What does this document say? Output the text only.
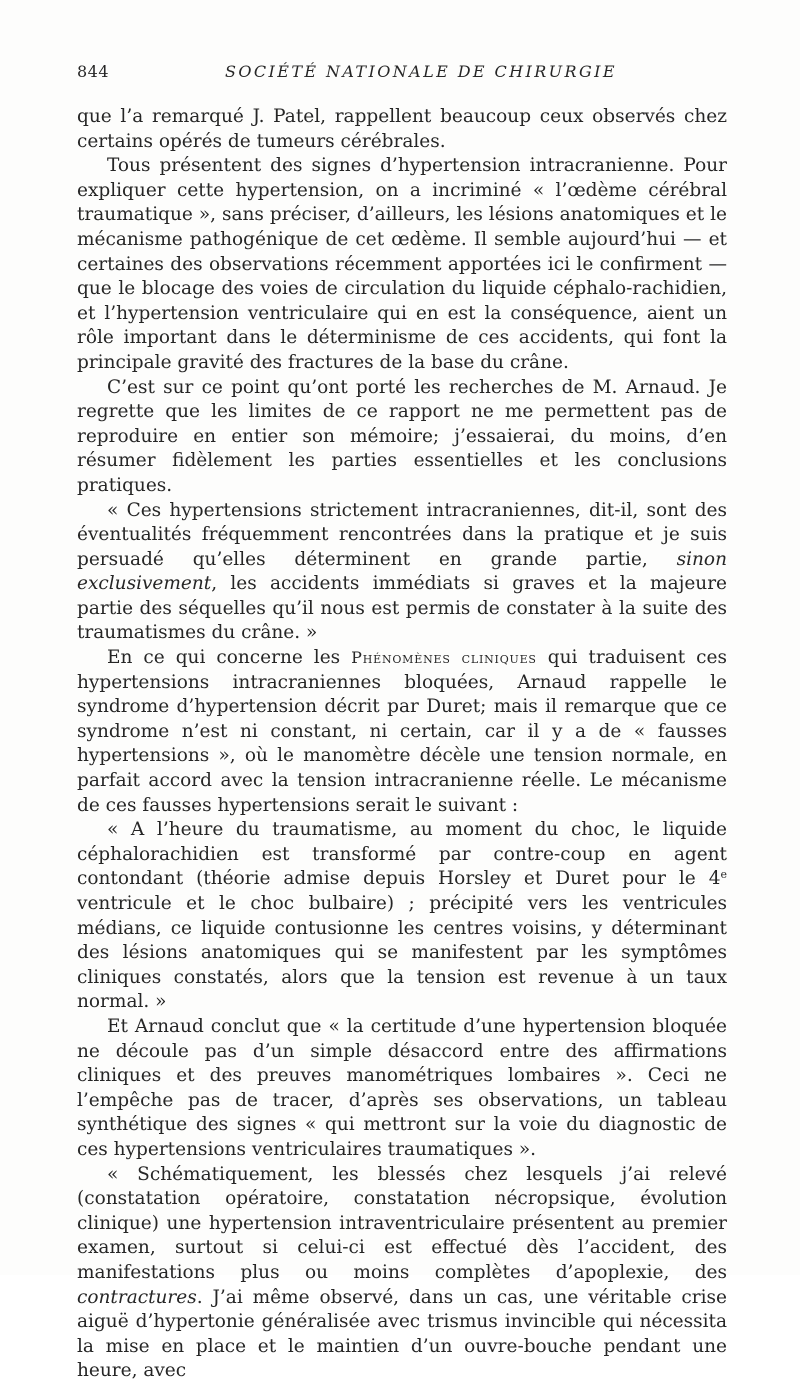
844	SOCIÉTÉ NATIONALE DE CHIRURGIE

que l’a remarqué J. Patel, rappellent beaucoup ceux observés chez certains opérés de tumeurs cérébrales.

Tous présentent des signes d’hypertension intracranienne. Pour expliquer cette hypertension, on a incriminé « l’œdème cérébral traumatique », sans préciser, d’ailleurs, les lésions anatomiques et le mécanisme pathogénique de cet œdème. Il semble aujourd’hui — et certaines des observations récemment apportées ici le confirment — que le blocage des voies de circulation du liquide céphalo-rachidien, et l’hypertension ventriculaire qui en est la conséquence, aient un rôle important dans le déterminisme de ces accidents, qui font la principale gravité des fractures de la base du crâne.

C’est sur ce point qu’ont porté les recherches de M. Arnaud. Je regrette que les limites de ce rapport ne me permettent pas de reproduire en entier son mémoire; j’essaierai, du moins, d’en résumer fidèlement les parties essentielles et les conclusions pratiques.

« Ces hypertensions strictement intracraniennes, dit-il, sont des éventualités fréquemment rencontrées dans la pratique et je suis persuadé qu’elles déterminent en grande partie, sinon exclusivement, les accidents immédiats si graves et la majeure partie des séquelles qu’il nous est permis de constater à la suite des traumatismes du crâne. »

En ce qui concerne les Phénomènes cliniques qui traduisent ces hypertensions intracraniennes bloquées, Arnaud rappelle le syndrome d’hypertension décrit par Duret; mais il remarque que ce syndrome n’est ni constant, ni certain, car il y a de « fausses hypertensions », où le manomètre décèle une tension normale, en parfait accord avec la tension intracranienne réelle. Le mécanisme de ces fausses hypertensions serait le suivant :

« A l’heure du traumatisme, au moment du choc, le liquide céphalorachidien est transformé par contre-coup en agent contondant (théorie admise depuis Horsley et Duret pour le 4e ventricule et le choc bulbaire) ; précipité vers les ventricules médians, ce liquide contusionne les centres voisins, y déterminant des lésions anatomiques qui se manifestent par les symptômes cliniques constatés, alors que la tension est revenue à un taux normal. »

Et Arnaud conclut que « la certitude d’une hypertension bloquée ne découle pas d’un simple désaccord entre des affirmations cliniques et des preuves manométriques lombaires ». Ceci ne l’empêche pas de tracer, d’après ses observations, un tableau synthétique des signes « qui mettront sur la voie du diagnostic de ces hypertensions ventriculaires traumatiques ».

« Schématiquement, les blessés chez lesquels j’ai relevé (constatation opératoire, constatation nécropsique, évolution clinique) une hypertension intraventriculaire présentent au premier examen, surtout si celui-ci est effectué dès l’accident, des manifestations plus ou moins complètes d’apoplexie, des contractures. J’ai même observé, dans un cas, une véritable crise aiguë d’hypertonie généralisée avec trismus invincible qui nécessita la mise en place et le maintien d’un ouvre-bouche pendant une heure, avec
